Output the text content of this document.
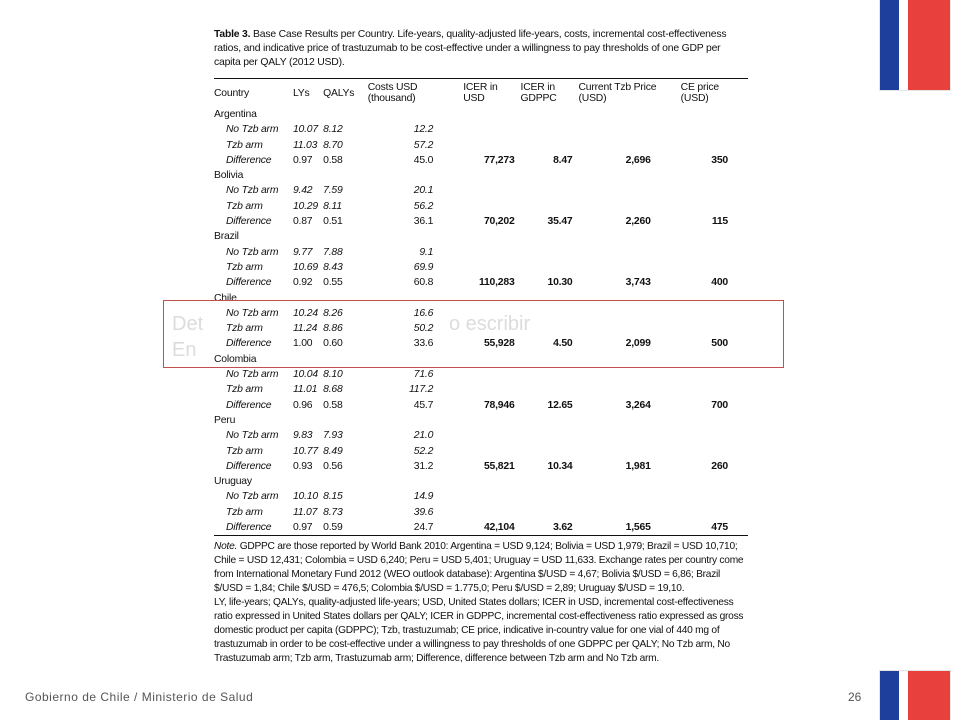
Table 3. Base Case Results per Country. Life-years, quality-adjusted life-years, costs, incremental cost-effectiveness ratios, and indicative price of trastuzumab to be cost-effective under a willingness to pay thresholds of one GDP per capita per QALY (2012 USD).
Country	LYs	QALYs	Costs USD (thousand)	ICER in USD	ICER in GDPPC	Current Tzb Price (USD)	CE price (USD)
Argentina							
No Tzb arm	10.07	8.12	12.2				
Tzb arm	11.03	8.70	57.2				
Difference	0.97	0.58	45.0	77,273	8.47	2,696	350
Bolivia							
No Tzb arm	9.42	7.59	20.1				
Tzb arm	10.29	8.11	56.2				
Difference	0.87	0.51	36.1	70,202	35.47	2,260	115
Brazil							
No Tzb arm	9.77	7.88	9.1				
Tzb arm	10.69	8.43	69.9				
Difference	0.92	0.55	60.8	110,283	10.30	3,743	400
Chile							
No Tzb arm	10.24	8.26	16.6				
Tzb arm	11.24	8.86	50.2				
Difference	1.00	0.60	33.6	55,928	4.50	2,099	500
Colombia							
No Tzb arm	10.04	8.10	71.6				
Tzb arm	11.01	8.68	117.2				
Difference	0.96	0.58	45.7	78,946	12.65	3,264	700
Peru							
No Tzb arm	9.83	7.93	21.0				
Tzb arm	10.77	8.49	52.2				
Difference	0.93	0.56	31.2	55,821	10.34	1,981	260
Uruguay							
No Tzb arm	10.10	8.15	14.9				
Tzb arm	11.07	8.73	39.6				
Difference	0.97	0.59	24.7	42,104	3.62	1,565	475
Note. GDPPC are those reported by World Bank 2010: Argentina = USD 9,124; Bolivia = USD 1,979; Brazil = USD 10,710; Chile = USD 12,431; Colombia = USD 6,240; Peru = USD 5,401; Uruguay = USD 11,633. Exchange rates per country come from International Monetary Fund 2012 (WEO outlook database): Argentina $/USD = 4,67; Bolivia $/USD = 6,86; Brazil $/USD = 1,84; Chile $/USD = 476,5; Colombia $/USD = 1.775,0; Peru $/USD = 2,89; Uruguay $/USD = 19,10.
LY, life-years; QALYs, quality-adjusted life-years; USD, United States dollars; ICER in USD, incremental cost-effectiveness ratio expressed in United States dollars per QALY; ICER in GDPPC, incremental cost-effectiveness ratio expressed as gross domestic product per capita (GDPPC); Tzb, trastuzumab; CE price, indicative in-country value for one vial of 440 mg of trastuzumab in order to be cost-effective under a willingness to pay thresholds of one GDPPC per QALY; No Tzb arm, No Trastuzumab arm; Tzb arm, Trastuzumab arm; Difference, difference between Tzb arm and No Tzb arm.
Det	o escribir
En
Gobierno de Chile / Ministerio de Salud	26
